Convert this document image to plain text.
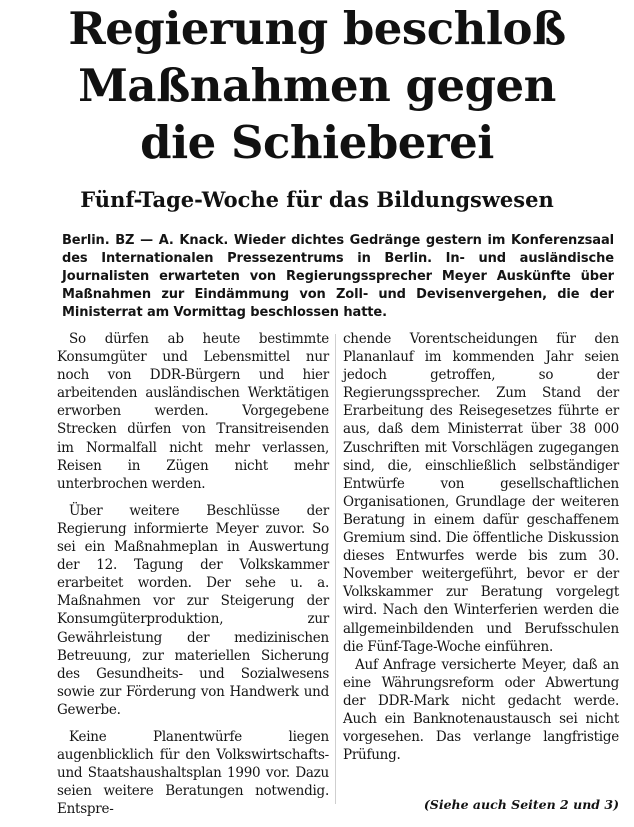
Regierung beschloß
Maßnahmen gegen
die Schieberei
Fünf-Tage-Woche für das Bildungswesen

Berlin. BZ — A. Knack. Wieder dichtes Gedränge gestern im Konferenzsaal des Internationalen Pressezentrums in Berlin. In- und ausländische Journalisten erwarteten von Regierungssprecher Meyer Auskünfte über Maßnahmen zur Eindämmung von Zoll- und Devisenvergehen, die der Ministerrat am Vormittag beschlossen hatte.

So dürfen ab heute bestimmte Konsumgüter und Lebensmittel nur noch von DDR-Bürgern und hier arbeitenden ausländischen Werktätigen erworben werden. Vorgegebene Strecken dürfen von Transitreisenden im Normalfall nicht mehr verlassen, Reisen in Zügen nicht mehr unterbrochen werden.

Über weitere Beschlüsse der Regierung informierte Meyer zuvor. So sei ein Maßnahmeplan in Auswertung der 12. Tagung der Volkskammer erarbeitet worden. Der sehe u. a. Maßnahmen vor zur Steigerung der Konsumgüterproduktion, zur Gewährleistung der medizinischen Betreuung, zur materiellen Sicherung des Gesundheits- und Sozialwesens sowie zur Förderung von Handwerk und Gewerbe.

Keine Planentwürfe liegen augenblicklich für den Volkswirtschafts- und Staatshaushaltsplan 1990 vor. Dazu seien weitere Beratungen notwendig. Entspre-

chende Vorentscheidungen für den Plananlauf im kommenden Jahr seien jedoch getroffen, so der Regierungssprecher. Zum Stand der Erarbeitung des Reisegesetzes führte er aus, daß dem Ministerrat über 38 000 Zuschriften mit Vorschlägen zugegangen sind, die, einschließlich selbständiger Entwürfe von gesellschaftlichen Organisationen, Grundlage der weiteren Beratung in einem dafür geschaffenem Gremium sind. Die öffentliche Diskussion dieses Entwurfes werde bis zum 30. November weitergeführt, bevor er der Volkskammer zur Beratung vorgelegt wird. Nach den Winterferien werden die allgemeinbildenden und Berufsschulen die Fünf-Tage-Woche einführen.

Auf Anfrage versicherte Meyer, daß an eine Währungsreform oder Abwertung der DDR-Mark nicht gedacht werde. Auch ein Banknotenaustausch sei nicht vorgesehen. Das verlange langfristige Prüfung.

(Siehe auch Seiten 2 und 3)
